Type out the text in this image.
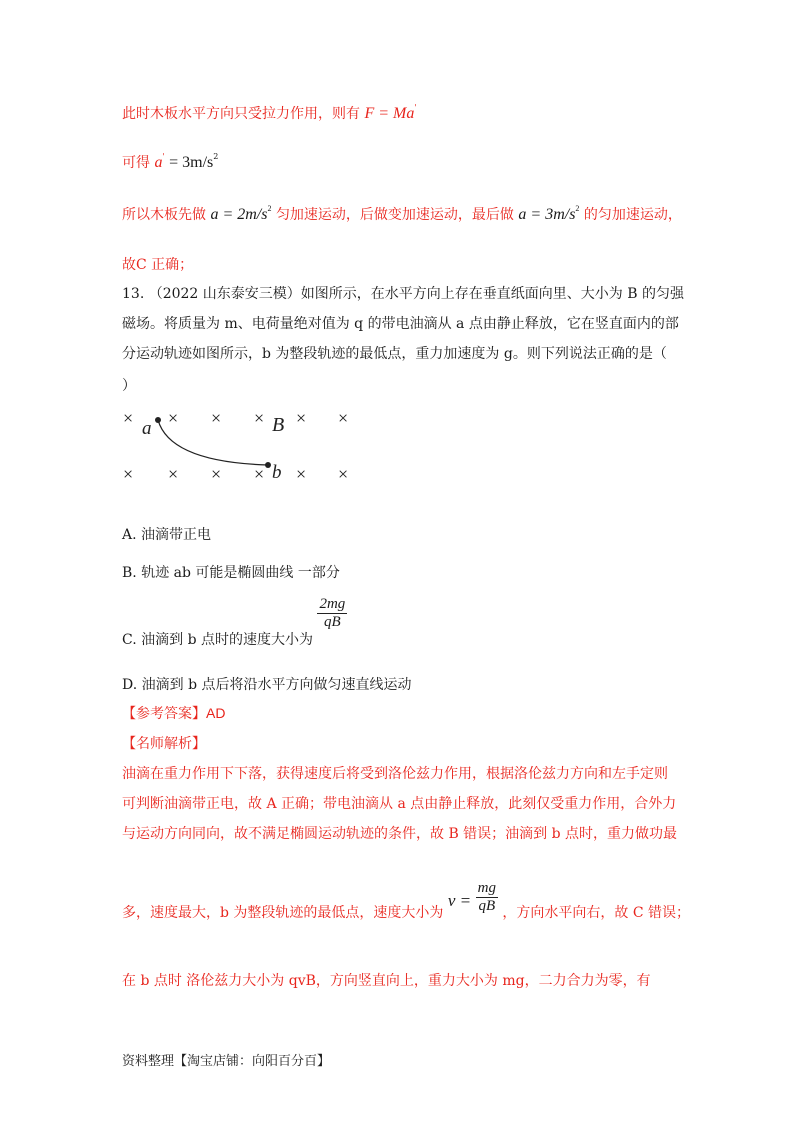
此时木板水平方向只受拉力作用，则有 F = Ma'
可得 $a' = 3m/s^2$
所以木板先做 $a = 2m/s^2$ 匀加速运动，后做变加速运动，最后做 $a = 3m/s^2$ 的匀加速运动，
故C 正确；
13. （2022 山东泰安三模）如图所示，在水平方向上存在垂直纸面向里、大小为 B 的匀强
磁场。将质量为 m、电荷量绝对值为 q 的带电油滴从 a 点由静止释放，它在竖直面内的部
分运动轨迹如图所示，b 为整段轨迹的最低点，重力加速度为 g。则下列说法正确的是（
）
× × × × × ×
× × × × × ×
a
b
B
A. 油滴带正电
B. 轨迹 ab 可能是椭圆曲线 一部分
C. 油滴到 b 点时的速度大小为
$\frac{2mg}{qB}$
D. 油滴到 b 点后将沿水平方向做匀速直线运动
【参考答案】AD
【名师解析】
油滴在重力作用下下落，获得速度后将受到洛伦兹力作用，根据洛伦兹力方向和左手定则
可判断油滴带正电，故 A 正确；带电油滴从 a 点由静止释放，此刻仅受重力作用，合外力
与运动方向同向，故不满足椭圆运动轨迹的条件，故 B 错误；油滴到 b 点时，重力做功最
多，速度最大，b 为整段轨迹的最低点，速度大小为 $v = \frac{mg}{qB}$ ，方向水平向右，故 C 错误；
在 b 点时 洛伦兹力大小为 qvB，方向竖直向上，重力大小为 mg，二力合力为零，有
资料整理【淘宝店铺：向阳百分百】
